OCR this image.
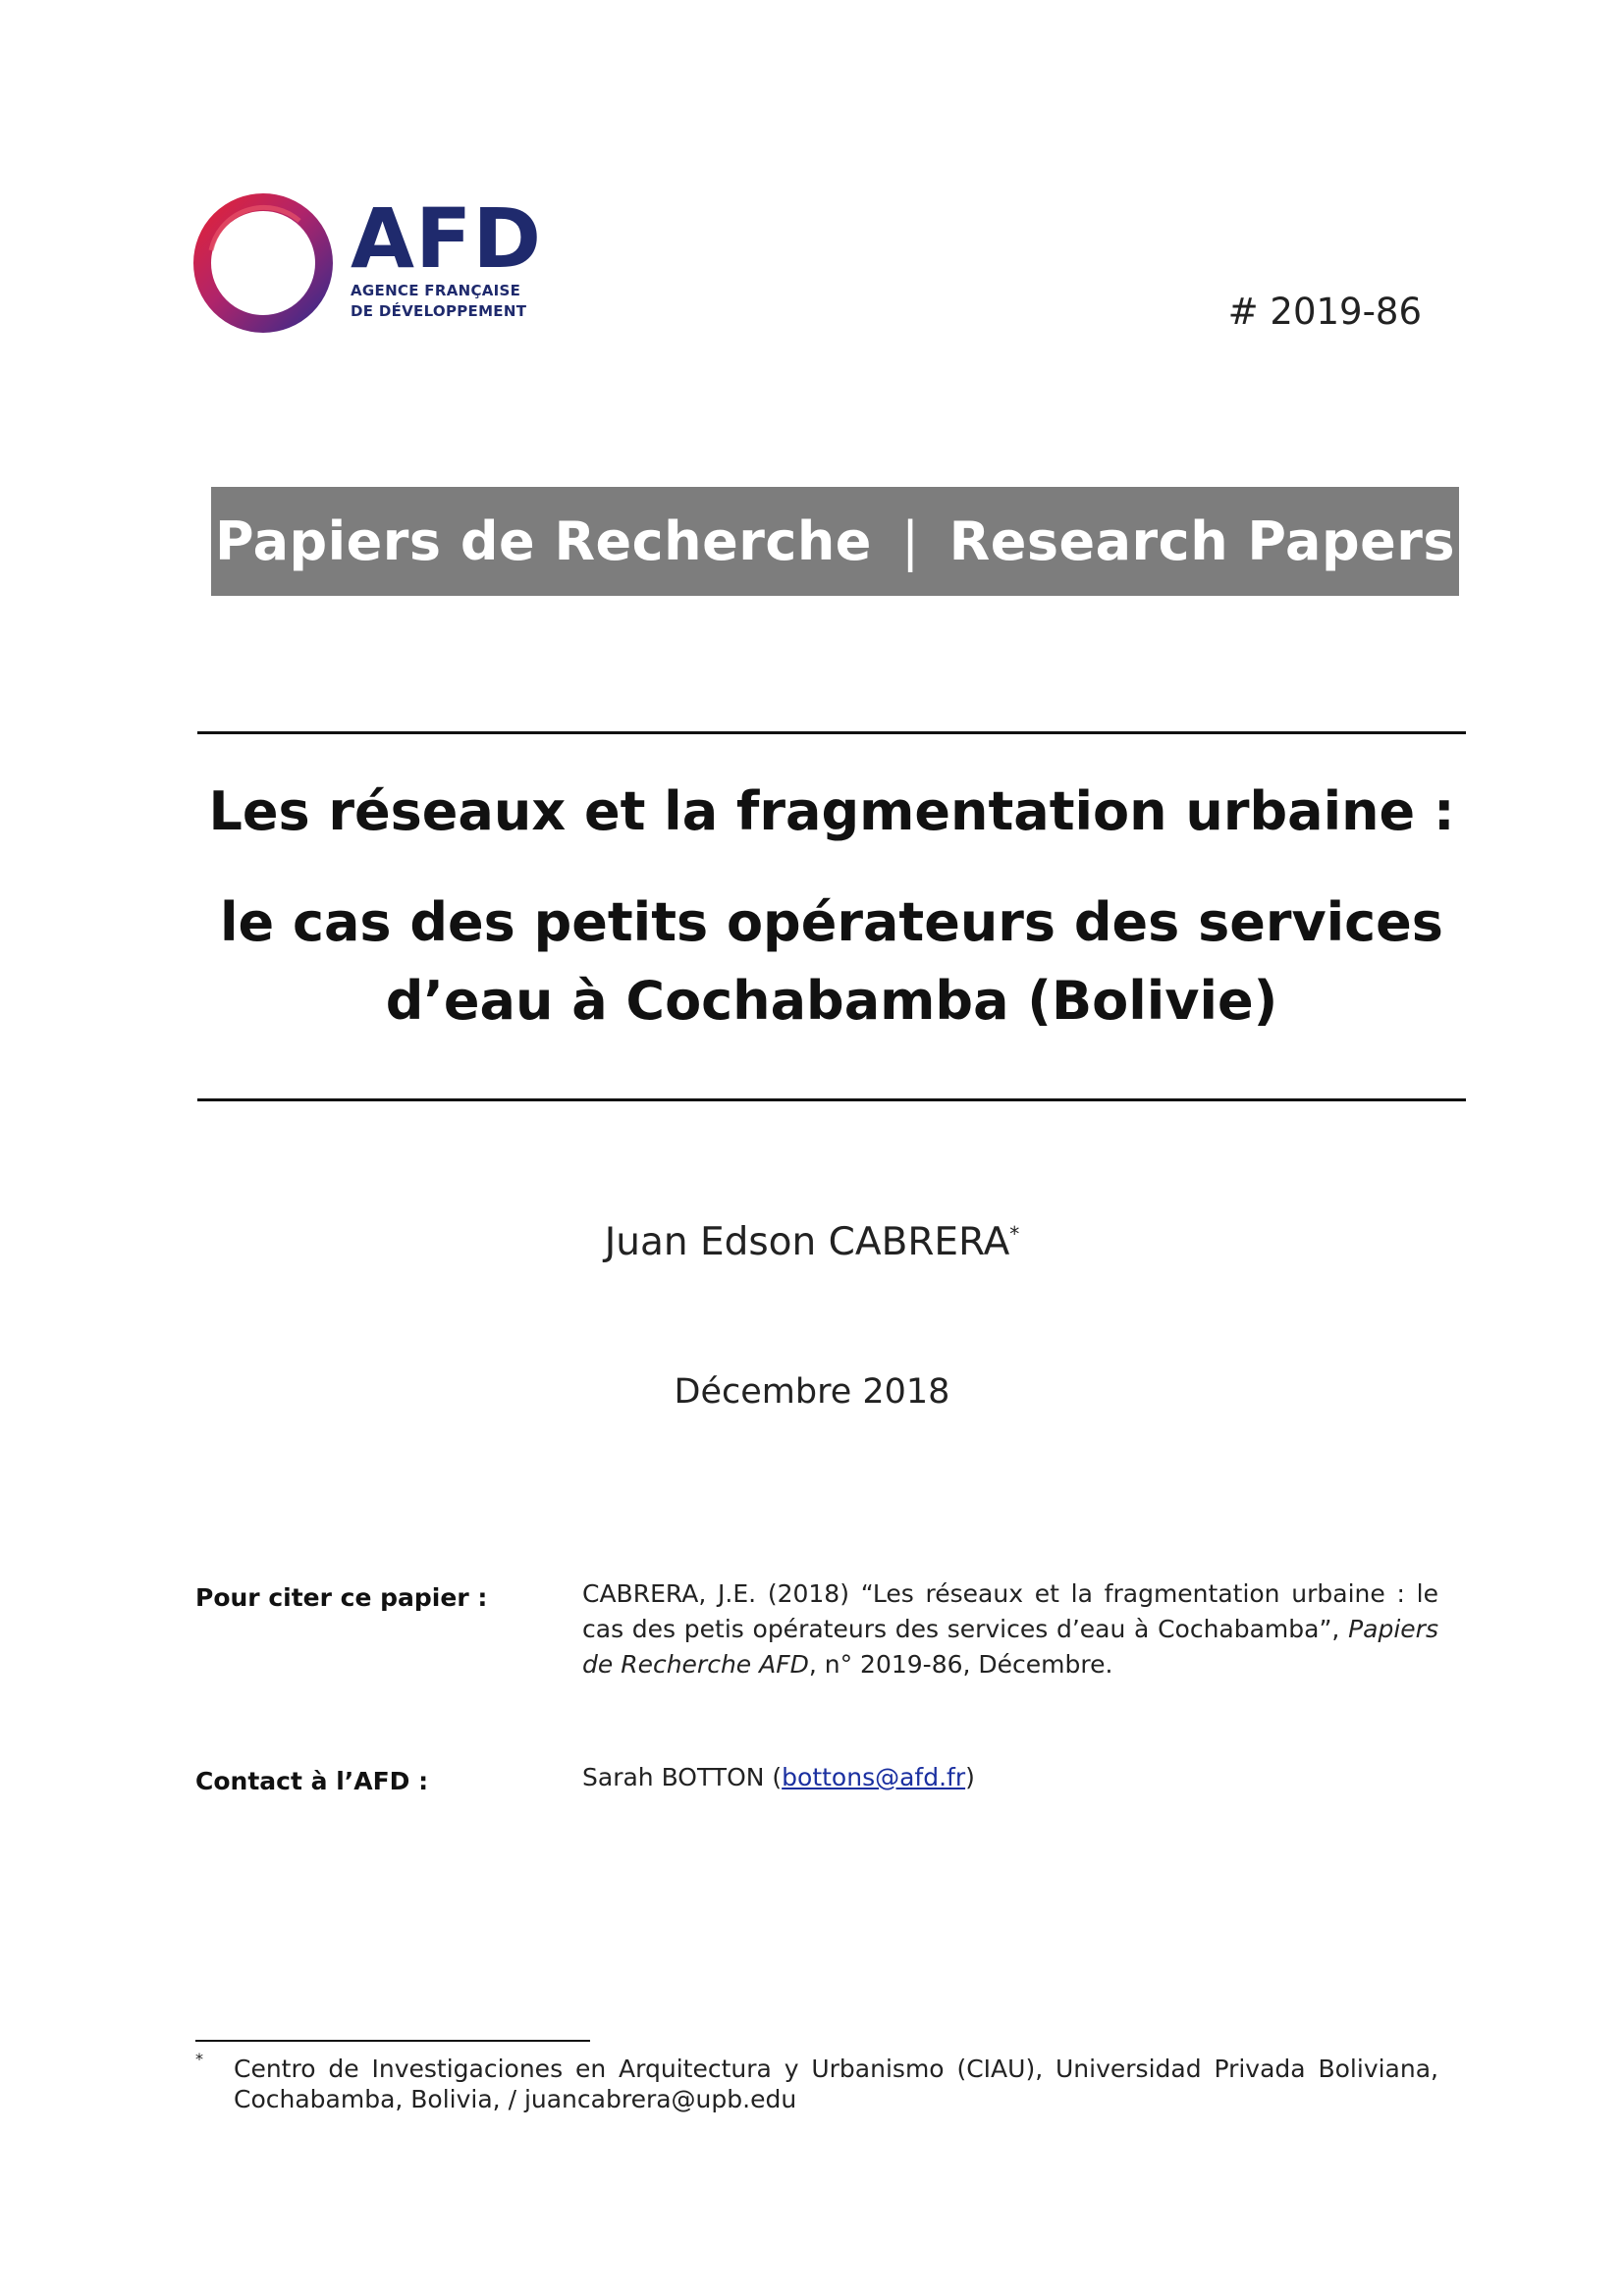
AFD
AGENCE FRANÇAISE
DE DÉVELOPPEMENT	# 2019-86
Papiers de Recherche | Research Papers
Les réseaux et la fragmentation urbaine :
le cas des petits opérateurs des services
d’eau à Cochabamba (Bolivie)
Juan Edson CABRERA*
Décembre 2018
Pour citer ce papier :	CABRERA, J.E. (2018) “Les réseaux et la fragmentation urbaine : le cas des petis opérateurs des services d’eau à Cochabamba”, Papiers de Recherche AFD, n° 2019-86, Décembre.
Contact à l’AFD :	Sarah BOTTON (bottons@afd.fr)
* Centro de Investigaciones en Arquitectura y Urbanismo (CIAU), Universidad Privada Boliviana, Cochabamba, Bolivia, / juancabrera@upb.edu
